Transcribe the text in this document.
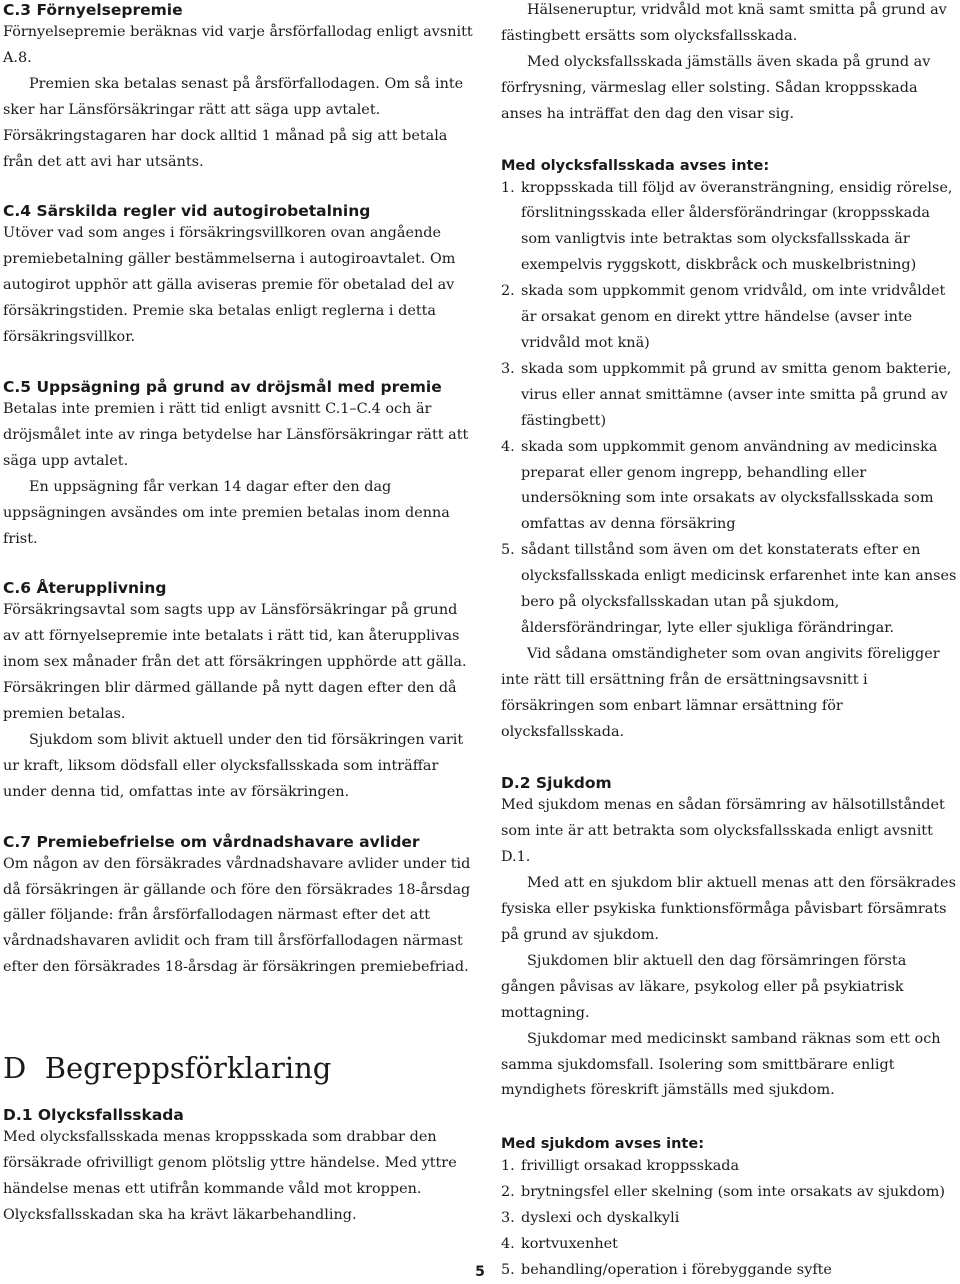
C.3 Förnyelsepremie

Förnyelsepremie beräknas vid varje årsförfallodag enligt avsnitt A.8.

Premien ska betalas senast på årsförfallodagen. Om så inte sker har Länsförsäkringar rätt att säga upp avtalet. Försäkringstagaren har dock alltid 1 månad på sig att betala från det att avi har utsänts.

C.4 Särskilda regler vid autogirobetalning

Utöver vad som anges i försäkringsvillkoren ovan angående premiebetalning gäller bestämmelserna i autogiroavtalet. Om autogirot upphör att gälla aviseras premie för obetalad del av försäkringstiden. Premie ska betalas enligt reglerna i detta försäkringsvillkor.

C.5 Uppsägning på grund av dröjsmål med premie

Betalas inte premien i rätt tid enligt avsnitt C.1–C.4 och är dröjsmålet inte av ringa betydelse har Länsförsäkringar rätt att säga upp avtalet.

En uppsägning får verkan 14 dagar efter den dag uppsägningen avsändes om inte premien betalas inom denna frist.

C.6 Återupplivning

Försäkringsavtal som sagts upp av Länsförsäkringar på grund av att förnyelsepremie inte betalats i rätt tid, kan återupplivas inom sex månader från det att försäkringen upphörde att gälla. Försäkringen blir därmed gällande på nytt dagen efter den då premien betalas.

Sjukdom som blivit aktuell under den tid försäkringen varit ur kraft, liksom dödsfall eller olycksfallsskada som inträffar under denna tid, omfattas inte av försäkringen.

C.7 Premiebefrielse om vårdnadshavare avlider

Om någon av den försäkrades vårdnadshavare avlider under tid då försäkringen är gällande och före den försäkrades 18-årsdag gäller följande: från årsförfallodagen närmast efter det att vårdnadshavaren avlidit och fram till årsförfallodagen närmast efter den försäkrades 18-årsdag är försäkringen premiebefriad.

D  Begreppsförklaring
D.1 Olycksfallsskada

Med olycksfallsskada menas kroppsskada som drabbar den försäkrade ofrivilligt genom plötslig yttre händelse. Med yttre händelse menas ett utifrån kommande våld mot kroppen. Olycksfallsskadan ska ha krävt läkarbehandling.

Hälseneruptur, vridvåld mot knä samt smitta på grund av fästingbett ersätts som olycksfallsskada.

Med olycksfallsskada jämställs även skada på grund av förfrysning, värmeslag eller solsting. Sådan kroppsskada anses ha inträffat den dag den visar sig.

Med olycksfallsskada avses inte:
1. kroppsskada till följd av överansträngning, ensidig rörelse, förslitningsskada eller åldersförändringar (kroppsskada som vanligtvis inte betraktas som olycksfallsskada är exempelvis ryggskott, diskbråck och muskelbristning)
2. skada som uppkommit genom vridvåld, om inte vridvåldet är orsakat genom en direkt yttre händelse (avser inte vridvåld mot knä)
3. skada som uppkommit på grund av smitta genom bakterie, virus eller annat smittämne (avser inte smitta på grund av fästingbett)
4. skada som uppkommit genom användning av medicinska preparat eller genom ingrepp, behandling eller undersökning som inte orsakats av olycksfallsskada som omfattas av denna försäkring
5. sådant tillstånd som även om det konstaterats efter en olycksfallsskada enligt medicinsk erfarenhet inte kan anses bero på olycksfallsskadan utan på sjukdom, åldersförändringar, lyte eller sjukliga förändringar.

Vid sådana omständigheter som ovan angivits föreligger inte rätt till ersättning från de ersättningsavsnitt i försäkringen som enbart lämnar ersättning för olycksfallsskada.

D.2 Sjukdom

Med sjukdom menas en sådan försämring av hälsotillståndet som inte är att betrakta som olycksfallsskada enligt avsnitt D.1.

Med att en sjukdom blir aktuell menas att den försäkrades fysiska eller psykiska funktionsförmåga påvisbart försämrats på grund av sjukdom.

Sjukdomen blir aktuell den dag försämringen första gången påvisas av läkare, psykolog eller på psykiatrisk mottagning.

Sjukdomar med medicinskt samband räknas som ett och samma sjukdomsfall. Isolering som smittbärare enligt myndighets föreskrift jämställs med sjukdom.

Med sjukdom avses inte:
1. frivilligt orsakad kroppsskada
2. brytningsfel eller skelning (som inte orsakats av sjukdom)
3. dyslexi och dyskalkyli
4. kortvuxenhet
5. behandling/operation i förebyggande syfte
5
